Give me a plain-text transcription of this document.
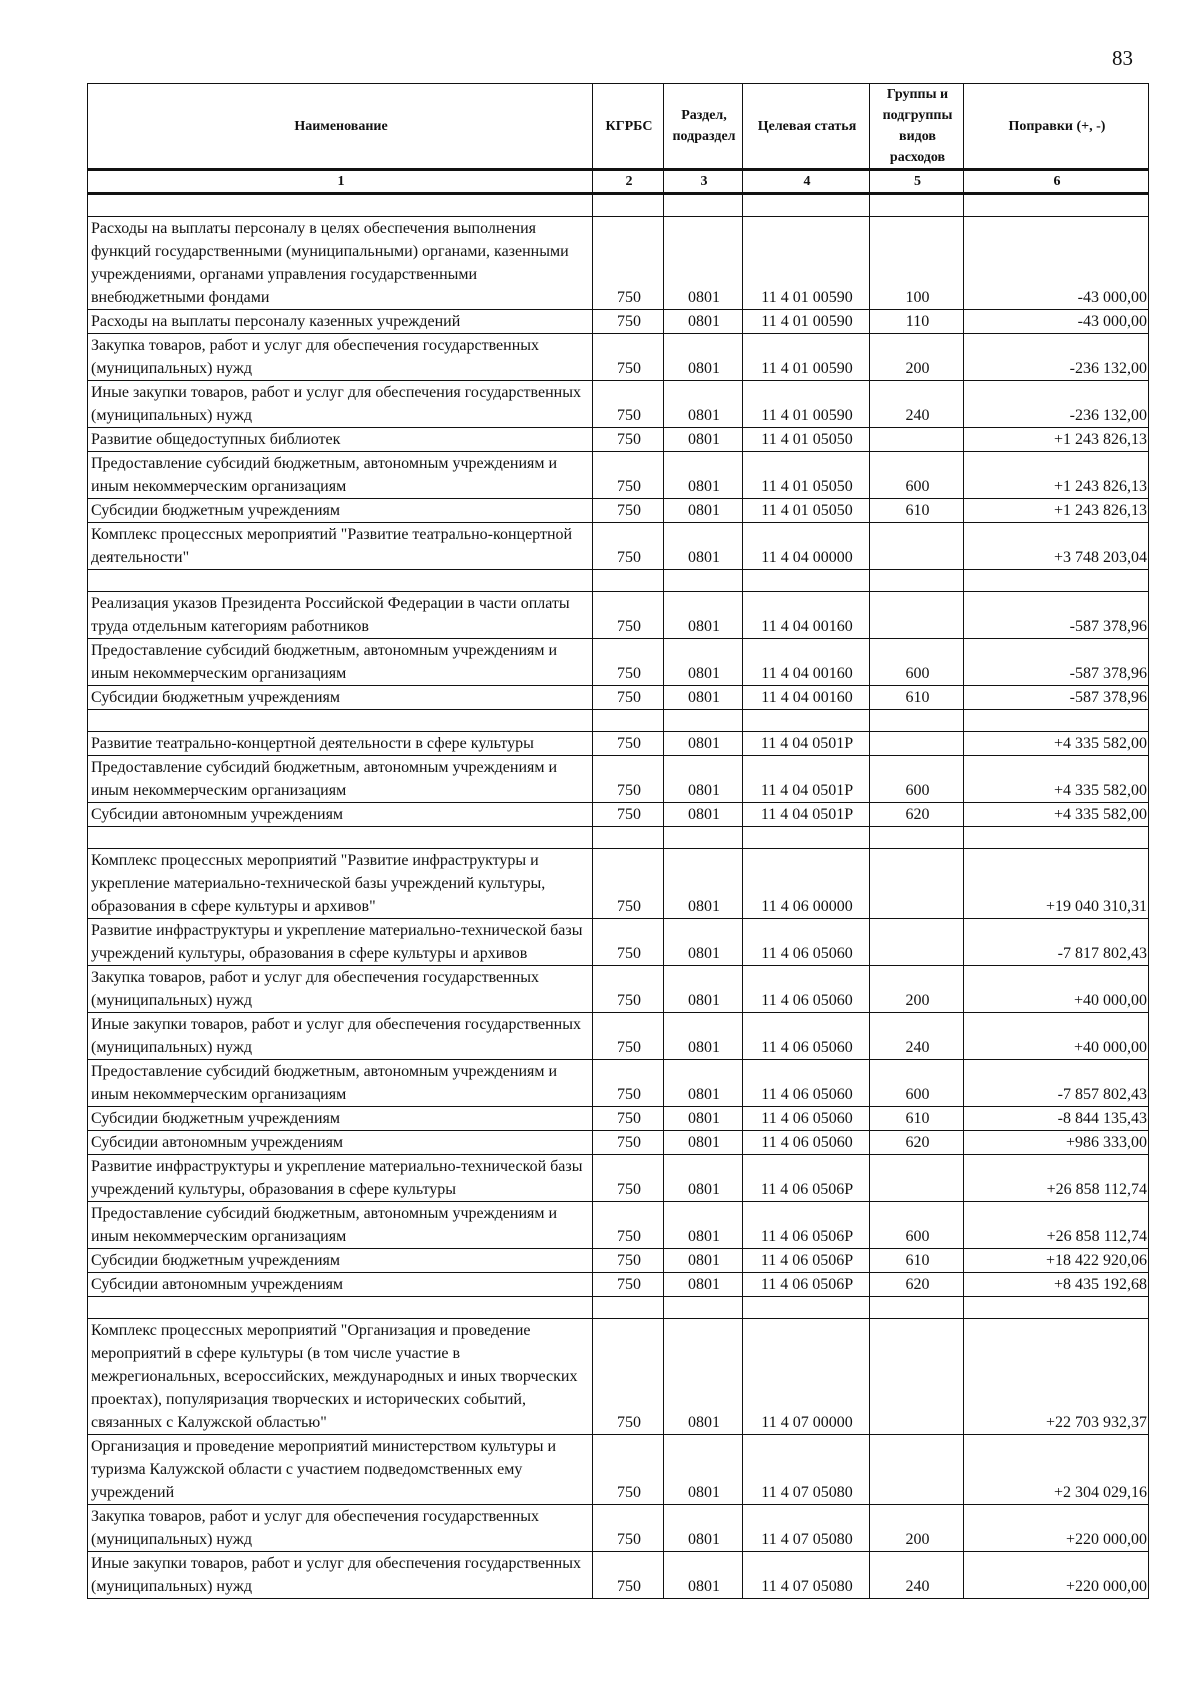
83
Наименование	КГРБС	Раздел, подраздел	Целевая статья	Группы и подгруппы видов расходов	Поправки (+, -)
1	2	3	4	5	6

Расходы на выплаты персоналу в целях обеспечения выполнения функций государственными (муниципальными) органами, казенными учреждениями, органами управления государственными внебюджетными фондами	750	0801	11 4 01 00590	100	-43 000,00
Расходы на выплаты персоналу казенных учреждений	750	0801	11 4 01 00590	110	-43 000,00
Закупка товаров, работ и услуг для обеспечения государственных (муниципальных) нужд	750	0801	11 4 01 00590	200	-236 132,00
Иные закупки товаров, работ и услуг для обеспечения государственных (муниципальных) нужд	750	0801	11 4 01 00590	240	-236 132,00
Развитие общедоступных библиотек	750	0801	11 4 01 05050		+1 243 826,13
Предоставление субсидий бюджетным, автономным учреждениям и иным некоммерческим организациям	750	0801	11 4 01 05050	600	+1 243 826,13
Субсидии бюджетным учреждениям	750	0801	11 4 01 05050	610	+1 243 826,13
Комплекс процессных мероприятий "Развитие театрально-концертной деятельности"	750	0801	11 4 04 00000		+3 748 203,04

Реализация указов Президента Российской Федерации в части оплаты труда отдельным категориям работников	750	0801	11 4 04 00160		-587 378,96
Предоставление субсидий бюджетным, автономным учреждениям и иным некоммерческим организациям	750	0801	11 4 04 00160	600	-587 378,96
Субсидии бюджетным учреждениям	750	0801	11 4 04 00160	610	-587 378,96

Развитие театрально-концертной деятельности в сфере культуры	750	0801	11 4 04 0501P		+4 335 582,00
Предоставление субсидий бюджетным, автономным учреждениям и иным некоммерческим организациям	750	0801	11 4 04 0501P	600	+4 335 582,00
Субсидии автономным учреждениям	750	0801	11 4 04 0501P	620	+4 335 582,00

Комплекс процессных мероприятий "Развитие инфраструктуры и укрепление материально-технической базы учреждений культуры, образования в сфере культуры и архивов"	750	0801	11 4 06 00000		+19 040 310,31
Развитие инфраструктуры и укрепление материально-технической базы учреждений культуры, образования в сфере культуры и архивов	750	0801	11 4 06 05060		-7 817 802,43
Закупка товаров, работ и услуг для обеспечения государственных (муниципальных) нужд	750	0801	11 4 06 05060	200	+40 000,00
Иные закупки товаров, работ и услуг для обеспечения государственных (муниципальных) нужд	750	0801	11 4 06 05060	240	+40 000,00
Предоставление субсидий бюджетным, автономным учреждениям и иным некоммерческим организациям	750	0801	11 4 06 05060	600	-7 857 802,43
Субсидии бюджетным учреждениям	750	0801	11 4 06 05060	610	-8 844 135,43
Субсидии автономным учреждениям	750	0801	11 4 06 05060	620	+986 333,00
Развитие инфраструктуры и укрепление материально-технической базы учреждений культуры, образования в сфере культуры	750	0801	11 4 06 0506P		+26 858 112,74
Предоставление субсидий бюджетным, автономным учреждениям и иным некоммерческим организациям	750	0801	11 4 06 0506P	600	+26 858 112,74
Субсидии бюджетным учреждениям	750	0801	11 4 06 0506P	610	+18 422 920,06
Субсидии автономным учреждениям	750	0801	11 4 06 0506P	620	+8 435 192,68

Комплекс процессных мероприятий "Организация и проведение мероприятий в сфере культуры (в том числе участие в межрегиональных, всероссийских, международных и иных творческих проектах), популяризация творческих и исторических событий, связанных с Калужской областью"	750	0801	11 4 07 00000		+22 703 932,37
Организация и проведение мероприятий министерством культуры и туризма Калужской области с участием подведомственных ему учреждений	750	0801	11 4 07 05080		+2 304 029,16
Закупка товаров, работ и услуг для обеспечения государственных (муниципальных) нужд	750	0801	11 4 07 05080	200	+220 000,00
Иные закупки товаров, работ и услуг для обеспечения государственных (муниципальных) нужд	750	0801	11 4 07 05080	240	+220 000,00
